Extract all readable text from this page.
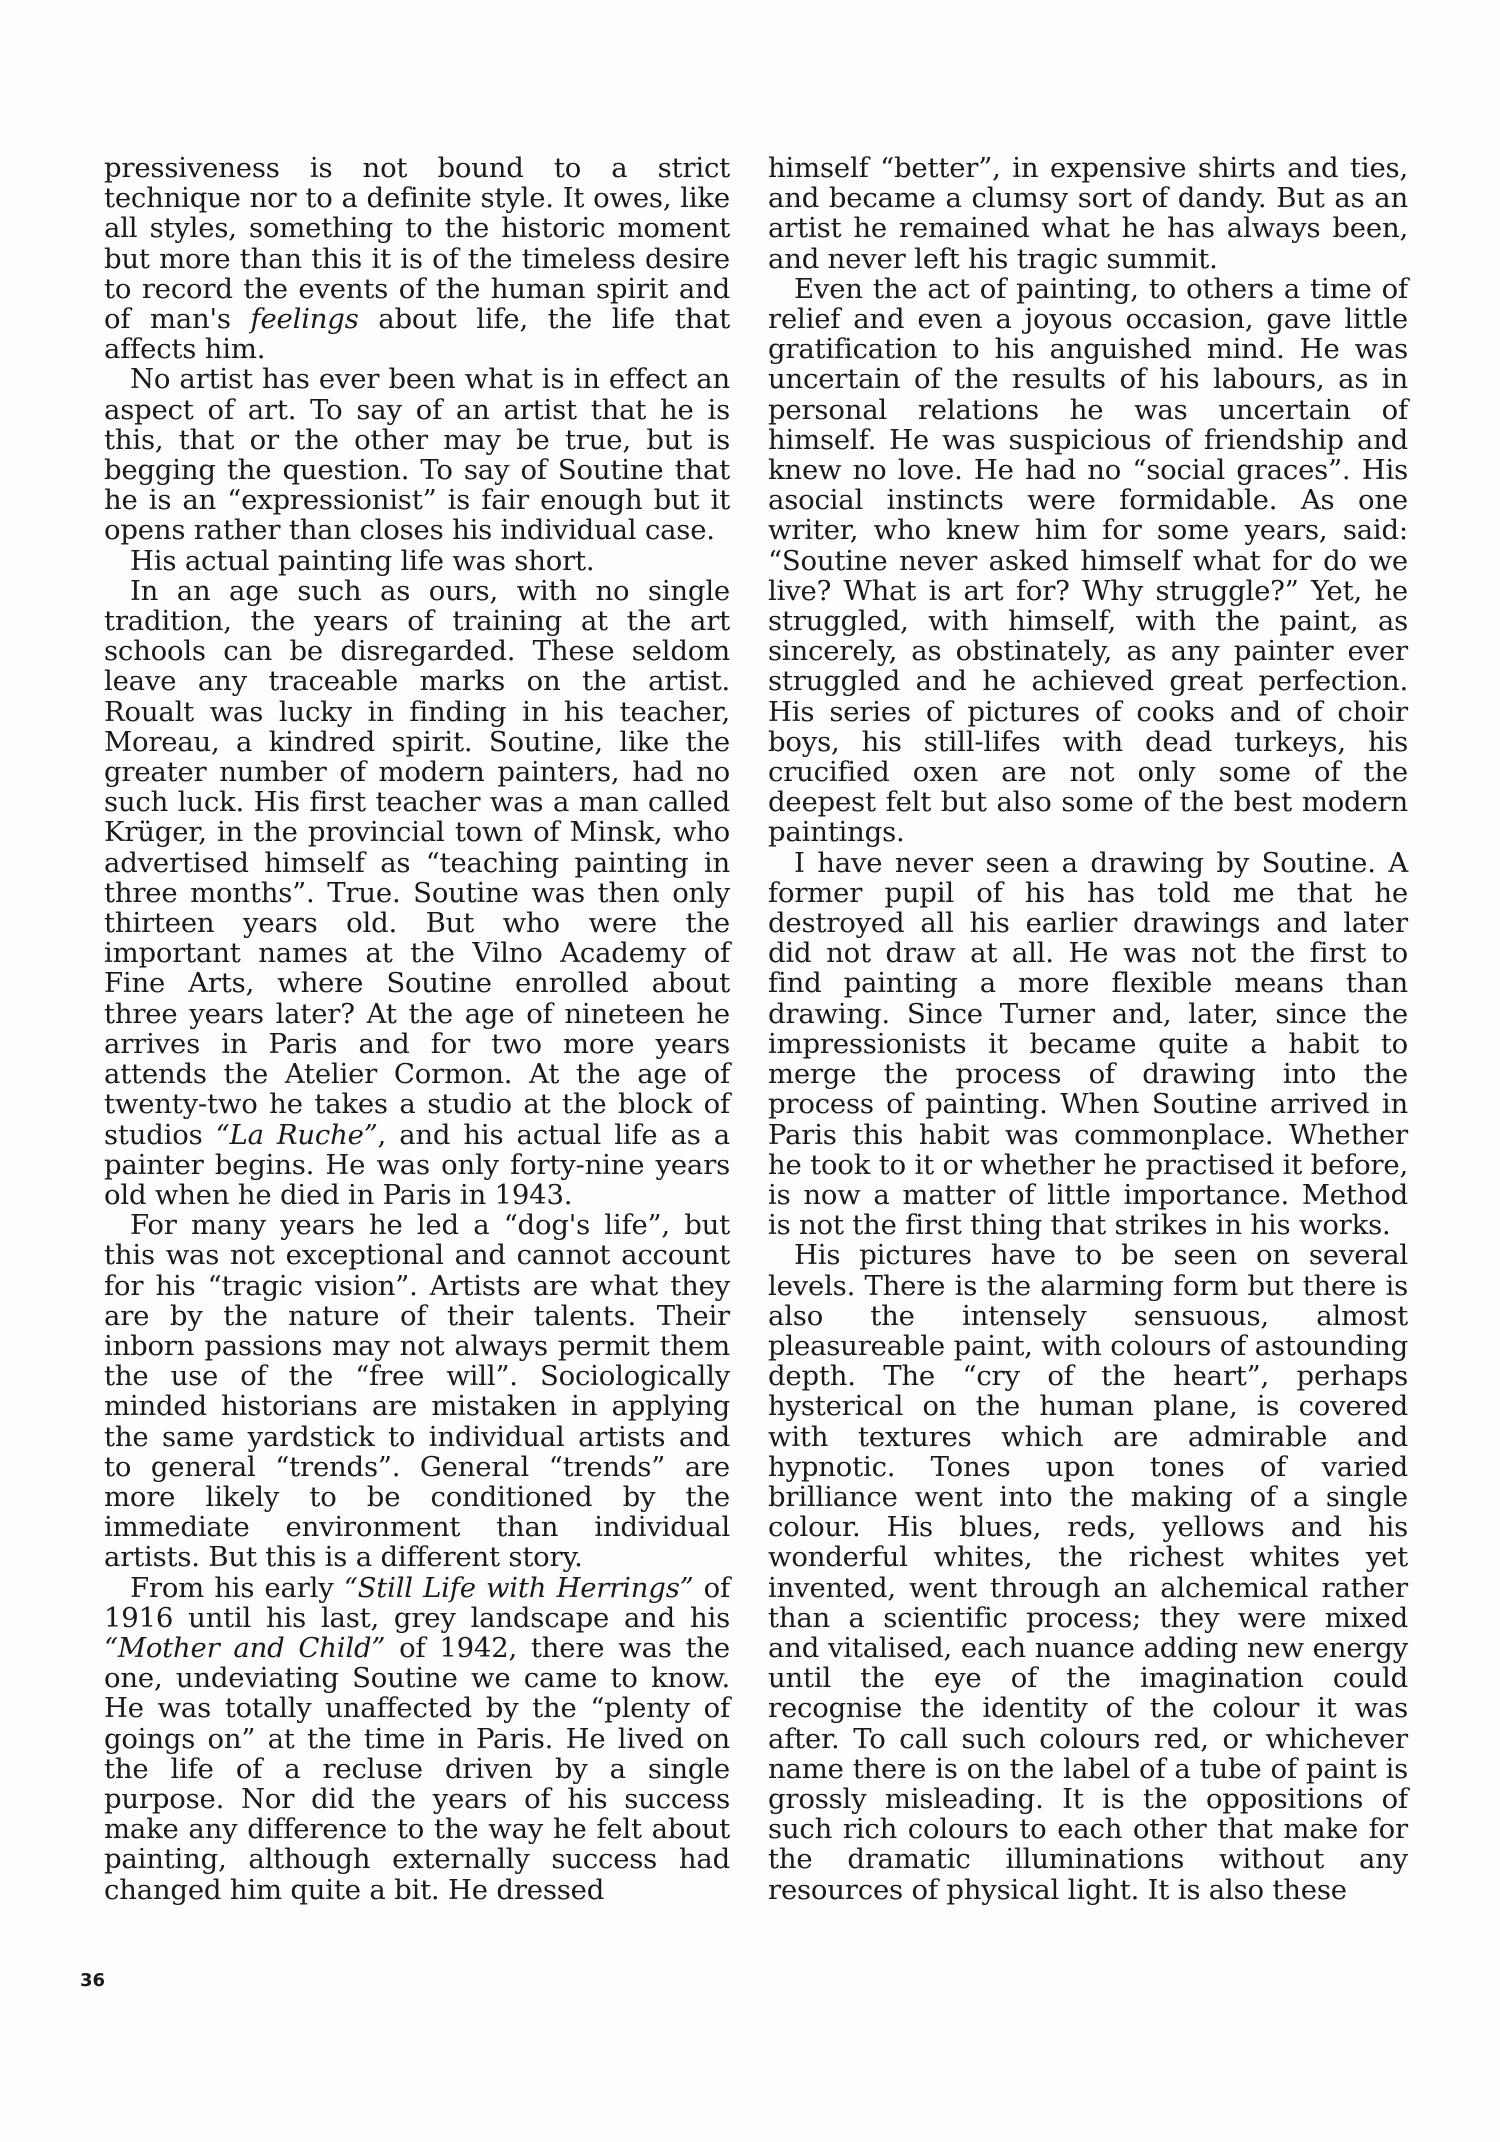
pressiveness is not bound to a strict technique nor to a definite style. It owes, like all styles, something to the historic moment but more than this it is of the timeless desire to record the events of the human spirit and of man's feelings about life, the life that affects him.

No artist has ever been what is in effect an aspect of art. To say of an artist that he is this, that or the other may be true, but is begging the question. To say of Soutine that he is an “expressionist” is fair enough but it opens rather than closes his individual case.

His actual painting life was short.

In an age such as ours, with no single tradition, the years of training at the art schools can be disregarded. These seldom leave any traceable marks on the artist. Roualt was lucky in finding in his teacher, Moreau, a kindred spirit. Soutine, like the greater number of modern painters, had no such luck. His first teacher was a man called Krüger, in the provincial town of Minsk, who advertised himself as “teaching painting in three months”. True. Soutine was then only thirteen years old. But who were the important names at the Vilno Academy of Fine Arts, where Soutine enrolled about three years later? At the age of nineteen he arrives in Paris and for two more years attends the Atelier Cormon. At the age of twenty-two he takes a studio at the block of studios “La Ruche”, and his actual life as a painter begins. He was only forty-nine years old when he died in Paris in 1943.

For many years he led a “dog's life”, but this was not exceptional and cannot account for his “tragic vision”. Artists are what they are by the nature of their talents. Their inborn passions may not always permit them the use of the “free will”. Sociologically minded historians are mistaken in applying the same yardstick to individual artists and to general “trends”. General “trends” are more likely to be conditioned by the immediate environment than individual artists. But this is a different story.

From his early “Still Life with Herrings” of 1916 until his last, grey landscape and his “Mother and Child” of 1942, there was the one, undeviating Soutine we came to know. He was totally unaffected by the “plenty of goings on” at the time in Paris. He lived on the life of a recluse driven by a single purpose. Nor did the years of his success make any difference to the way he felt about painting, although externally success had changed him quite a bit. He dressed

himself “better”, in expensive shirts and ties, and became a clumsy sort of dandy. But as an artist he remained what he has always been, and never left his tragic summit.

Even the act of painting, to others a time of relief and even a joyous occasion, gave little gratification to his anguished mind. He was uncertain of the results of his labours, as in personal relations he was uncertain of himself. He was suspicious of friendship and knew no love. He had no “social graces”. His asocial instincts were formidable. As one writer, who knew him for some years, said: “Soutine never asked himself what for do we live? What is art for? Why struggle?” Yet, he struggled, with himself, with the paint, as sincerely, as obstinately, as any painter ever struggled and he achieved great perfection. His series of pictures of cooks and of choir boys, his still-lifes with dead turkeys, his crucified oxen are not only some of the deepest felt but also some of the best modern paintings.

I have never seen a drawing by Soutine. A former pupil of his has told me that he destroyed all his earlier drawings and later did not draw at all. He was not the first to find painting a more flexible means than drawing. Since Turner and, later, since the impressionists it became quite a habit to merge the process of drawing into the process of painting. When Soutine arrived in Paris this habit was commonplace. Whether he took to it or whether he practised it before, is now a matter of little importance. Method is not the first thing that strikes in his works.

His pictures have to be seen on several levels. There is the alarming form but there is also the intensely sensuous, almost pleasureable paint, with colours of astounding depth. The “cry of the heart”, perhaps hysterical on the human plane, is covered with textures which are admirable and hypnotic. Tones upon tones of varied brilliance went into the making of a single colour. His blues, reds, yellows and his wonderful whites, the richest whites yet invented, went through an alchemical rather than a scientific process; they were mixed and vitalised, each nuance adding new energy until the eye of the imagination could recognise the identity of the colour it was after. To call such colours red, or whichever name there is on the label of a tube of paint is grossly misleading. It is the oppositions of such rich colours to each other that make for the dramatic illuminations without any resources of physical light. It is also these

36
